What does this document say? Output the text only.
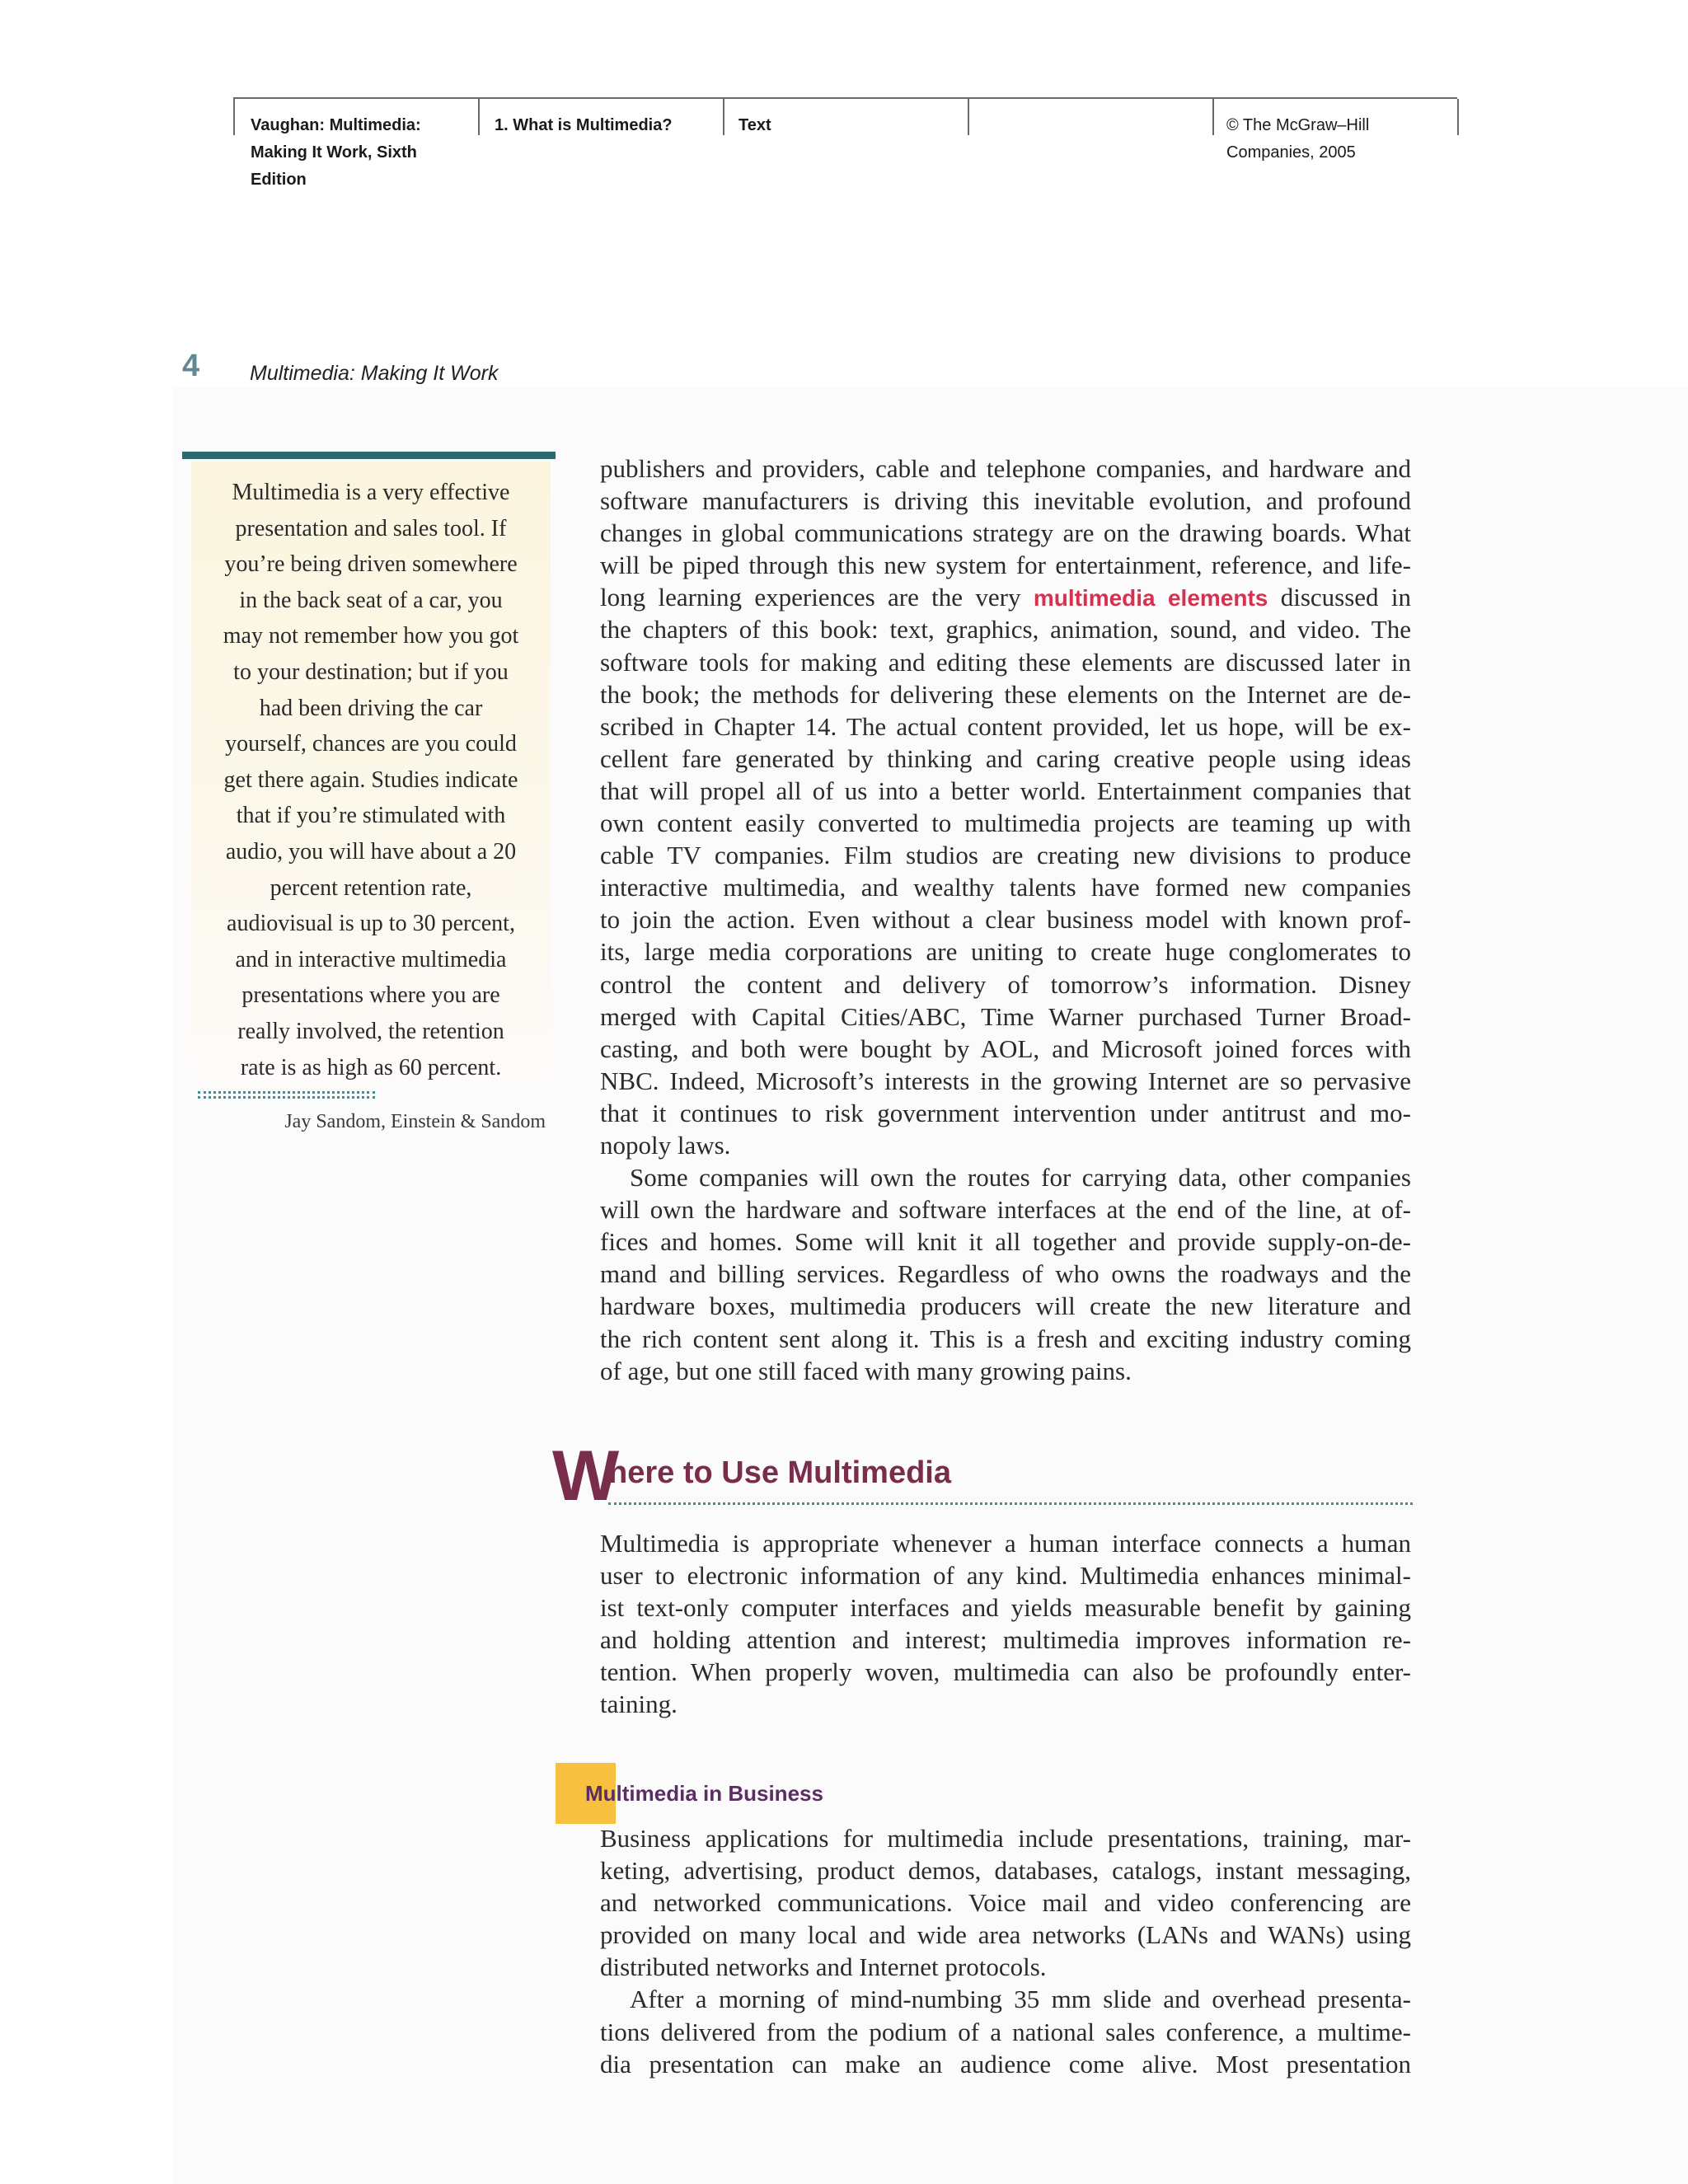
Vaughan: Multimedia:
Making It Work, Sixth
Edition
1. What is Multimedia?	Text	© The McGraw–Hill
Companies, 2005
4 Multimedia: Making It Work
Multimedia is a very effective
presentation and sales tool. If
you’re being driven somewhere
in the back seat of a car, you
may not remember how you got
to your destination; but if you
had been driving the car
yourself, chances are you could
get there again. Studies indicate
that if you’re stimulated with
audio, you will have about a 20
percent retention rate,
audiovisual is up to 30 percent,
and in interactive multimedia
presentations where you are
really involved, the retention
rate is as high as 60 percent.
Jay Sandom, Einstein & Sandom
publishers and providers, cable and telephone companies, and hardware and
software manufacturers is driving this inevitable evolution, and profound
changes in global communications strategy are on the drawing boards. What
will be piped through this new system for entertainment, reference, and life-
long learning experiences are the very multimedia elements discussed in
the chapters of this book: text, graphics, animation, sound, and video. The
software tools for making and editing these elements are discussed later in
the book; the methods for delivering these elements on the Internet are de-
scribed in Chapter 14. The actual content provided, let us hope, will be ex-
cellent fare generated by thinking and caring creative people using ideas
that will propel all of us into a better world. Entertainment companies that
own content easily converted to multimedia projects are teaming up with
cable TV companies. Film studios are creating new divisions to produce
interactive multimedia, and wealthy talents have formed new companies
to join the action. Even without a clear business model with known prof-
its, large media corporations are uniting to create huge conglomerates to
control the content and delivery of tomorrow’s information. Disney
merged with Capital Cities/ABC, Time Warner purchased Turner Broad-
casting, and both were bought by AOL, and Microsoft joined forces with
NBC. Indeed, Microsoft’s interests in the growing Internet are so pervasive
that it continues to risk government intervention under antitrust and mo-
nopoly laws.
Some companies will own the routes for carrying data, other companies
will own the hardware and software interfaces at the end of the line, at of-
fices and homes. Some will knit it all together and provide supply-on-de-
mand and billing services. Regardless of who owns the roadways and the
hardware boxes, multimedia producers will create the new literature and
the rich content sent along it. This is a fresh and exciting industry coming
of age, but one still faced with many growing pains.
W
here to Use Multimedia
Multimedia is appropriate whenever a human interface connects a human
user to electronic information of any kind. Multimedia enhances minimal-
ist text-only computer interfaces and yields measurable benefit by gaining
and holding attention and interest; multimedia improves information re-
tention. When properly woven, multimedia can also be profoundly enter-
taining.
Multimedia in Business
Business applications for multimedia include presentations, training, mar-
keting, advertising, product demos, databases, catalogs, instant messaging,
and networked communications. Voice mail and video conferencing are
provided on many local and wide area networks (LANs and WANs) using
distributed networks and Internet protocols.
After a morning of mind-numbing 35 mm slide and overhead presenta-
tions delivered from the podium of a national sales conference, a multime-
dia presentation can make an audience come alive. Most presentation
